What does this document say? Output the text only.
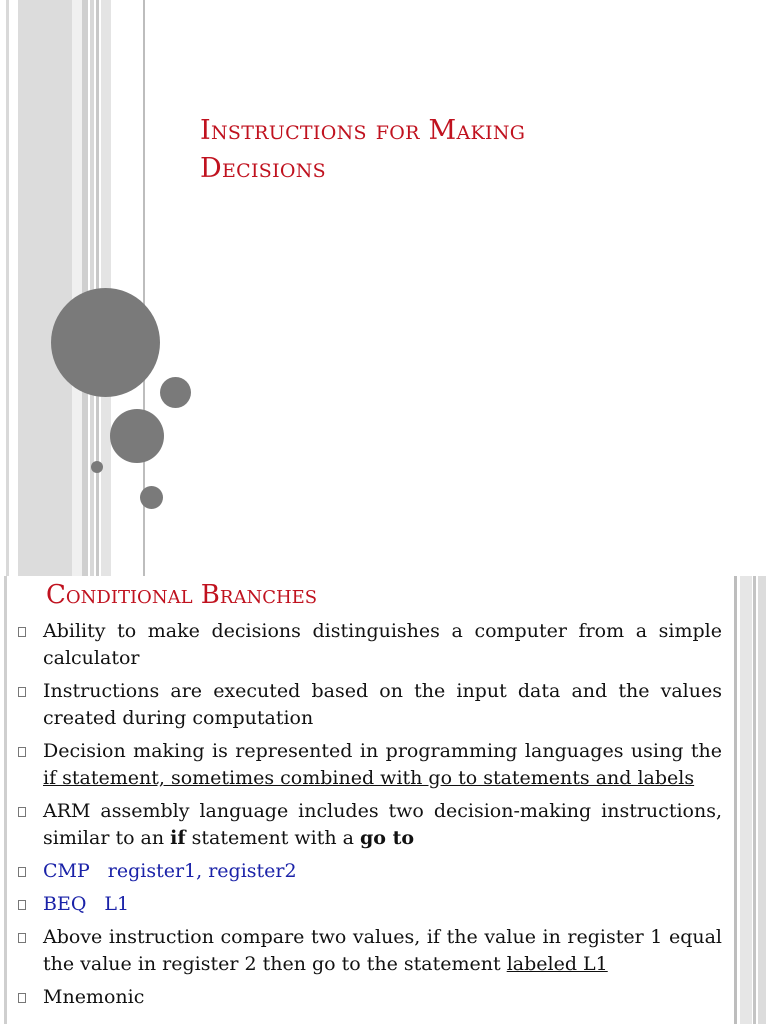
Instructions for Making
Decisions
Conditional Branches
Ability to make decisions distinguishes a computer from a simple calculator
Instructions are executed based on the input data and the values created during computation
Decision making is represented in programming languages using the if statement, sometimes combined with go to statements and labels
ARM assembly language includes two decision-making instructions, similar to an if statement with a go to
CMP register1, register2
BEQ L1
Above instruction compare two values, if the value in register 1 equal the value in register 2 then go to the statement labeled L1
Mnemonic
